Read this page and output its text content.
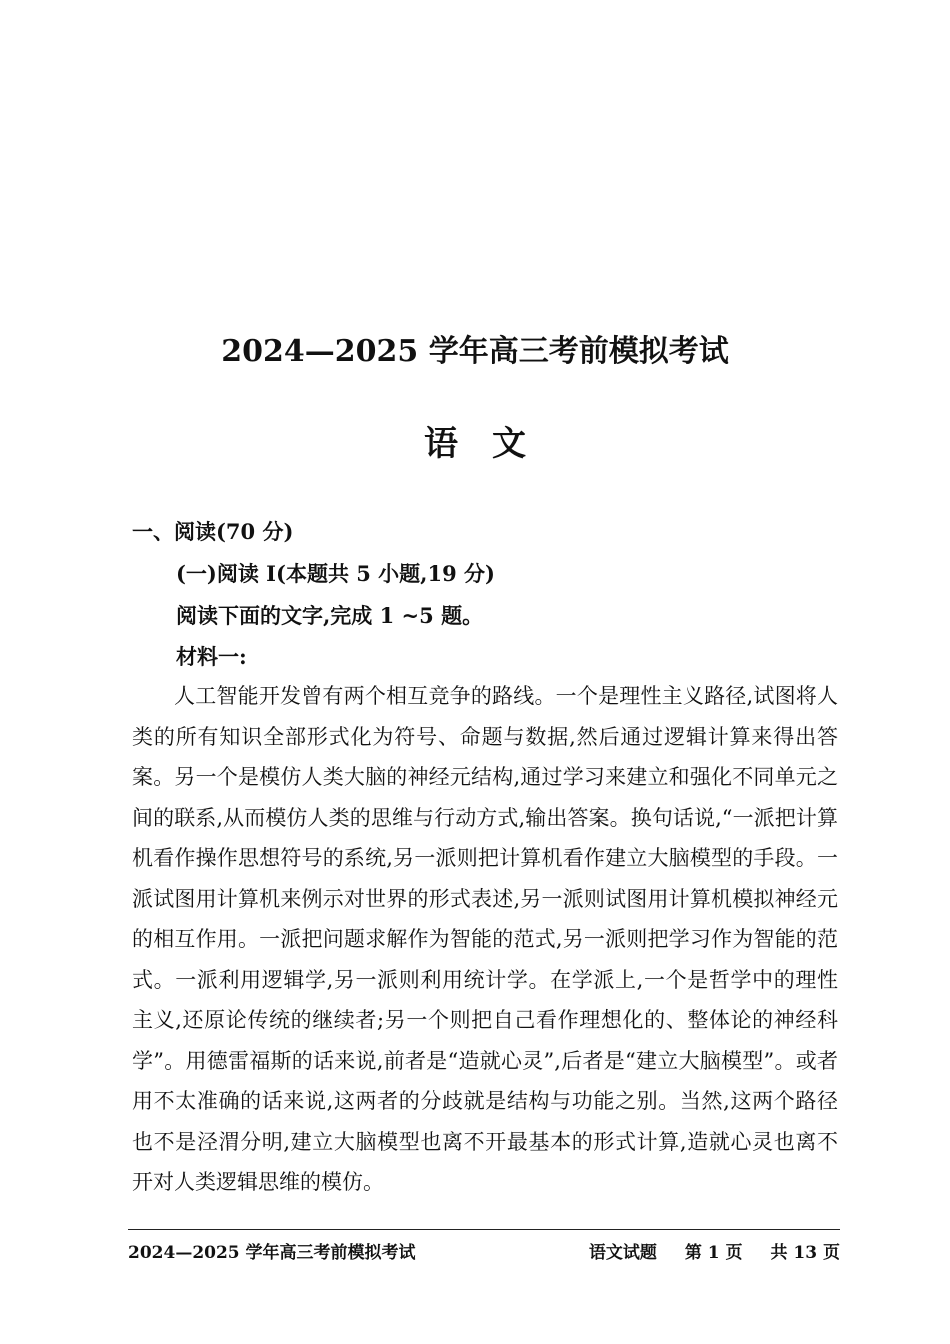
2024—2025 学年高三考前模拟考试
语文
一、阅读(70 分)
(一)阅读 I(本题共 5 小题,19 分)
阅读下面的文字,完成 1 ~5 题。
材料一:

人工智能开发曾有两个相互竞争的路线。一个是理性主义路径,试图将人类的所有知识全部形式化为符号、命题与数据,然后通过逻辑计算来得出答案。另一个是模仿人类大脑的神经元结构,通过学习来建立和强化不同单元之间的联系,从而模仿人类的思维与行动方式,输出答案。换句话说,“一派把计算机看作操作思想符号的系统,另一派则把计算机看作建立大脑模型的手段。一派试图用计算机来例示对世界的形式表述,另一派则试图用计算机模拟神经元的相互作用。一派把问题求解作为智能的范式,另一派则把学习作为智能的范式。一派利用逻辑学,另一派则利用统计学。在学派上,一个是哲学中的理性主义,还原论传统的继续者;另一个则把自己看作理想化的、整体论的神经科学”。用德雷福斯的话来说,前者是“造就心灵”,后者是“建立大脑模型”。或者用不太准确的话来说,这两者的分歧就是结构与功能之别。当然,这两个路径也不是泾渭分明,建立大脑模型也离不开最基本的形式计算,造就心灵也离不开对人类逻辑思维的模仿。

2024—2025 学年高三考前模拟考试	语文试题 第 1 页 共 13 页
